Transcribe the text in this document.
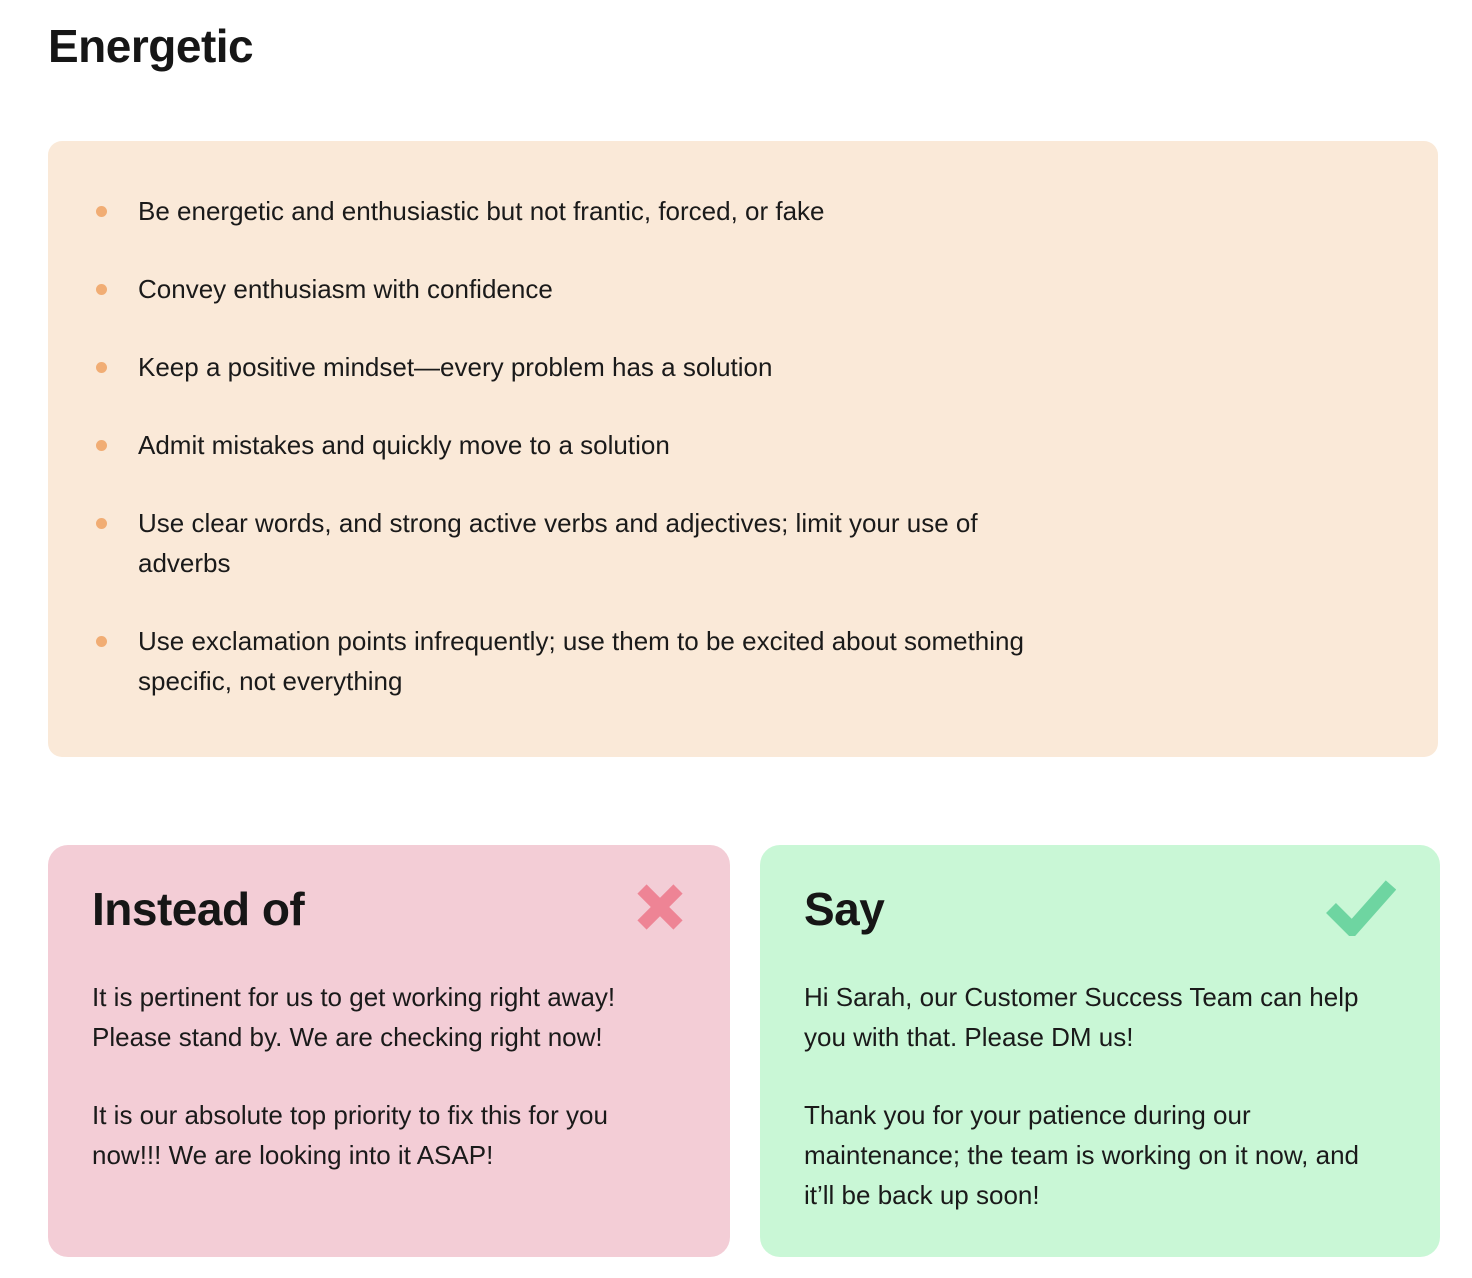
Energetic
Be energetic and enthusiastic but not frantic, forced, or fake
Convey enthusiasm with confidence
Keep a positive mindset—every problem has a solution
Admit mistakes and quickly move to a solution
Use clear words, and strong active verbs and adjectives; limit your use of adverbs
Use exclamation points infrequently; use them to be excited about something specific, not everything
Instead of

It is pertinent for us to get working right away! Please stand by. We are checking right now!

It is our absolute top priority to fix this for you now!!! We are looking into it ASAP!

Say

Hi Sarah, our Customer Success Team can help you with that. Please DM us!

Thank you for your patience during our maintenance; the team is working on it now, and it’ll be back up soon!
